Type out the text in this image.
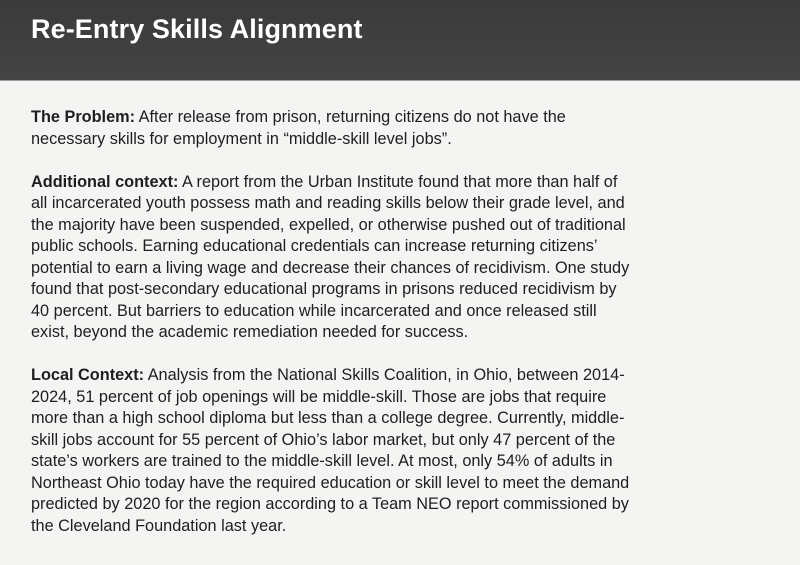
Re-Entry Skills Alignment
The Problem: After release from prison, returning citizens do not have the
necessary skills for employment in “middle-skill level jobs”.
Additional context: A report from the Urban Institute found that more than half of
all incarcerated youth possess math and reading skills below their grade level, and
the majority have been suspended, expelled, or otherwise pushed out of traditional
public schools. Earning educational credentials can increase returning citizens’
potential to earn a living wage and decrease their chances of recidivism. One study
found that post-secondary educational programs in prisons reduced recidivism by
40 percent. But barriers to education while incarcerated and once released still
exist, beyond the academic remediation needed for success.
Local Context: Analysis from the National Skills Coalition, in Ohio, between 2014-
2024, 51 percent of job openings will be middle-skill. Those are jobs that require
more than a high school diploma but less than a college degree. Currently, middle-
skill jobs account for 55 percent of Ohio’s labor market, but only 47 percent of the
state’s workers are trained to the middle-skill level. At most, only 54% of adults in
Northeast Ohio today have the required education or skill level to meet the demand
predicted by 2020 for the region according to a Team NEO report commissioned by
the Cleveland Foundation last year.
